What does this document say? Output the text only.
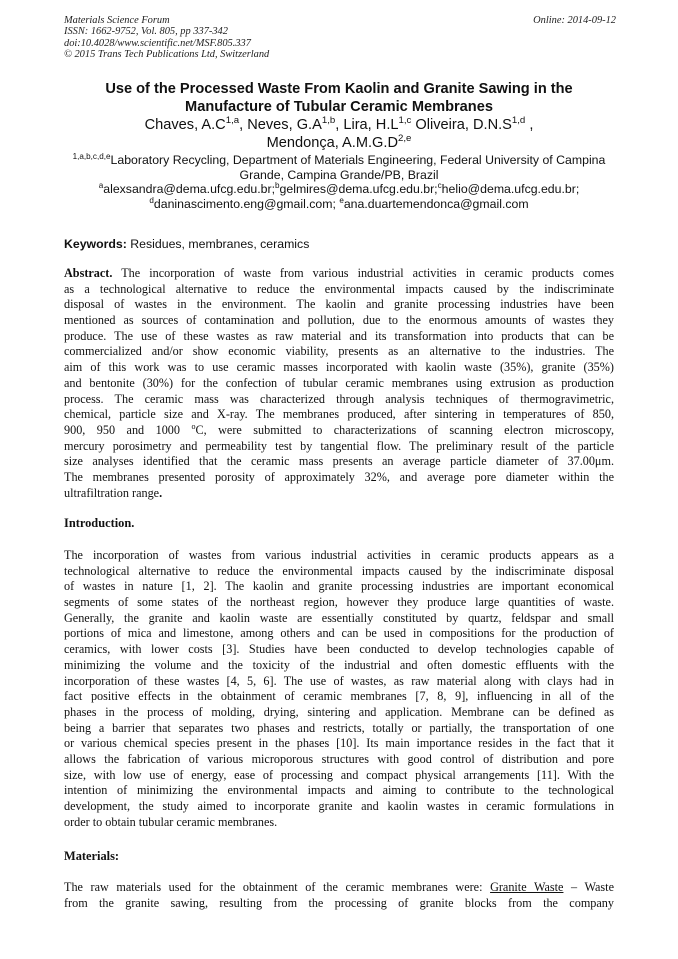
Materials Science Forum
ISSN: 1662-9752, Vol. 805, pp 337-342
doi:10.4028/www.scientific.net/MSF.805.337
© 2015 Trans Tech Publications Ltd, Switzerland
Online: 2014-09-12
Use of the Processed Waste From Kaolin and Granite Sawing in the
Manufacture of Tubular Ceramic Membranes
Chaves, $A.C^{1,a}$, Neves, $G.A^{1,b}$, Lira, $H.L^{1,c}$ Oliveira, $D.N.S^{1,d}$ ,
Mendonça, $A.M.G.D^{2,e}$
$^{1,a,b,c,d,e}$Laboratory Recycling, Department of Materials Engineering, Federal University of Campina
Grande, Campina Grande/PB, Brazil
$^a$alexsandra@dema.ufcg.edu.br;$^b$gelmires@dema.ufcg.edu.br;$^c$helio@dema.ufcg.edu.br;
$^d$daninascimento.eng@gmail.com; $^e$ana.duartemendonca@gmail.com
Keywords: Residues, membranes, ceramics
Abstract. The incorporation of waste from various industrial activities in ceramic products comes
as a technological alternative to reduce the environmental impacts caused by the indiscriminate
disposal of wastes in the environment. The kaolin and granite processing industries have been
mentioned as sources of contamination and pollution, due to the enormous amounts of wastes they
produce. The use of these wastes as raw material and its transformation into products that can be
commercialized and/or show economic viability, presents as an alternative to the industries. The
aim of this work was to use ceramic masses incorporated with kaolin waste (35%), granite (35%)
and bentonite (30%) for the confection of tubular ceramic membranes using extrusion as production
process. The ceramic mass was characterized through analysis techniques of thermogravimetric,
chemical, particle size and X-ray. The membranes produced, after sintering in temperatures of 850,
900, 950 and 1000 $^o$C, were submitted to characterizations of scanning electron microscopy,
mercury porosimetry and permeability test by tangential flow. The preliminary result of the particle
size analyses identified that the ceramic mass presents an average particle diameter of 37.00μm.
The membranes presented porosity of approximately 32%, and average pore diameter within the
ultrafiltration range.
Introduction.
The incorporation of wastes from various industrial activities in ceramic products appears as a
technological alternative to reduce the environmental impacts caused by the indiscriminate disposal
of wastes in nature [1, 2]. The kaolin and granite processing industries are important economical
segments of some states of the northeast region, however they produce large quantities of waste.
Generally, the granite and kaolin waste are essentially constituted by quartz, feldspar and small
portions of mica and limestone, among others and can be used in compositions for the production of
ceramics, with lower costs [3]. Studies have been conducted to develop technologies capable of
minimizing the volume and the toxicity of the industrial and often domestic effluents with the
incorporation of these wastes [4, 5, 6]. The use of wastes, as raw material along with clays had in
fact positive effects in the obtainment of ceramic membranes [7, 8, 9], influencing in all of the
phases in the process of molding, drying, sintering and application. Membrane can be defined as
being a barrier that separates two phases and restricts, totally or partially, the transportation of one
or various chemical species present in the phases [10]. Its main importance resides in the fact that it
allows the fabrication of various microporous structures with good control of distribution and pore
size, with low use of energy, ease of processing and compact physical arrangements [11]. With the
intention of minimizing the environmental impacts and aiming to contribute to the technological
development, the study aimed to incorporate granite and kaolin wastes in ceramic formulations in
order to obtain tubular ceramic membranes.
Materials:
The raw materials used for the obtainment of the ceramic membranes were: Granite Waste – Waste
from the granite sawing, resulting from the processing of granite blocks from the company
